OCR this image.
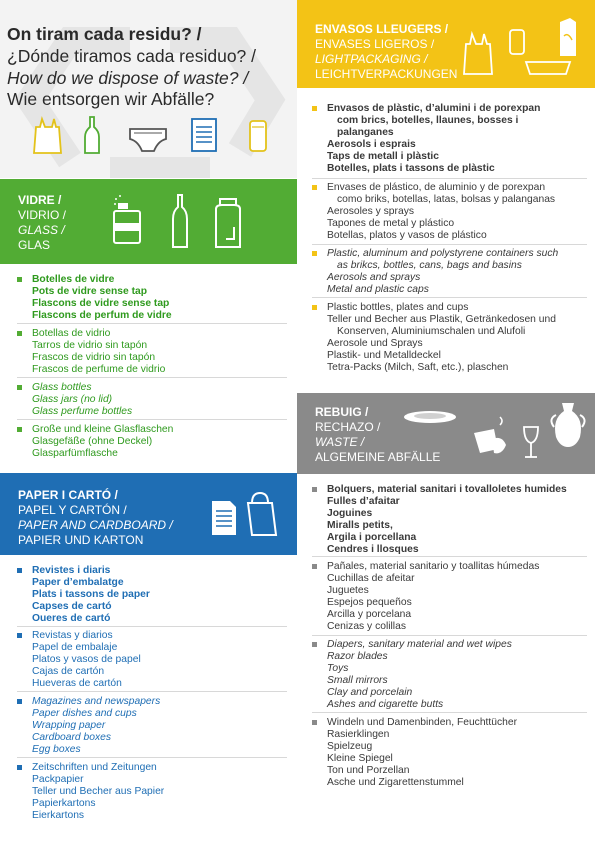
On tiram cada residu? /
¿Dónde tiramos cada residuo? /
How do we dispose of waste? /
Wie entsorgen wir Abfälle?
VIDRE /
VIDRIO /
GLASS /
GLAS
Botelles de vidre
Pots de vidre sense tap
Flascons de vidre sense tap
Flascons de perfum de vidre
Botellas de vidrio
Tarros de vidrio sin tapón
Frascos de vidrio sin tapón
Frascos de perfume de vidrio
Glass bottles
Glass jars (no lid)
Glass perfume bottles
Große und kleine Glasflaschen
Glasgefäße (ohne Deckel)
Glasparfümflasche
PAPER I CARTÓ /
PAPEL Y CARTÓN /
PAPER AND CARDBOARD /
PAPIER UND KARTON
Revistes i diaris
Paper d’embalatge
Plats i tassons de paper
Capses de cartó
Oueres de cartó
Revistas y diarios
Papel de embalaje
Platos y vasos de papel
Cajas de cartón
Hueveras de cartón
Magazines and newspapers
Paper dishes and cups
Wrapping paper
Cardboard boxes
Egg boxes
Zeitschriften und Zeitungen
Packpapier
Teller und Becher aus Papier
Papierkartons
Eierkartons
ENVASOS LLEUGERS /
ENVASES LIGEROS /
LIGHTPACKAGING /
LEICHTVERPACKUNGEN
Envasos de plàstic, d’alumini i de porexpan
com brics, botelles, llaunes, bosses i
palanganes
Aerosols i esprais
Taps de metall i plàstic
Botelles, plats i tassons de plàstic
Envases de plástico, de aluminio y de porexpan
como briks, botellas, latas, bolsas y palanganas
Aerosoles y sprays
Tapones de metal y plástico
Botellas, platos y vasos de plástico
Plastic, aluminum and polystyrene containers such
as brikcs, bottles, cans, bags and basins
Aerosols and sprays
Metal and plastic caps
Plastic bottles, plates and cups
Teller und Becher aus Plastik, Getränkedosen und
Konserven, Aluminiumschalen und Alufoli
Aerosole und Sprays
Plastik- und Metalldeckel
Tetra-Packs (Milch, Saft, etc.), plaschen
REBUIG /
RECHAZO /
WASTE /
ALGEMEINE ABFÄLLE
Bolquers, material sanitari i tovalloletes humides
Fulles d’afaitar
Joguines
Miralls petits,
Argila i porcellana
Cendres i llosques
Pañales, material sanitario y toallitas húmedas
Cuchillas de afeitar
Juguetes
Espejos pequeños
Arcilla y porcelana
Cenizas y colillas
Diapers, sanitary material and wet wipes
Razor blades
Toys
Small mirrors
Clay and porcelain
Ashes and cigarette butts
Windeln und Damenbinden, Feuchttücher
Rasierklingen
Spielzeug
Kleine Spiegel
Ton und Porzellan
Asche und Zigarettenstummel
